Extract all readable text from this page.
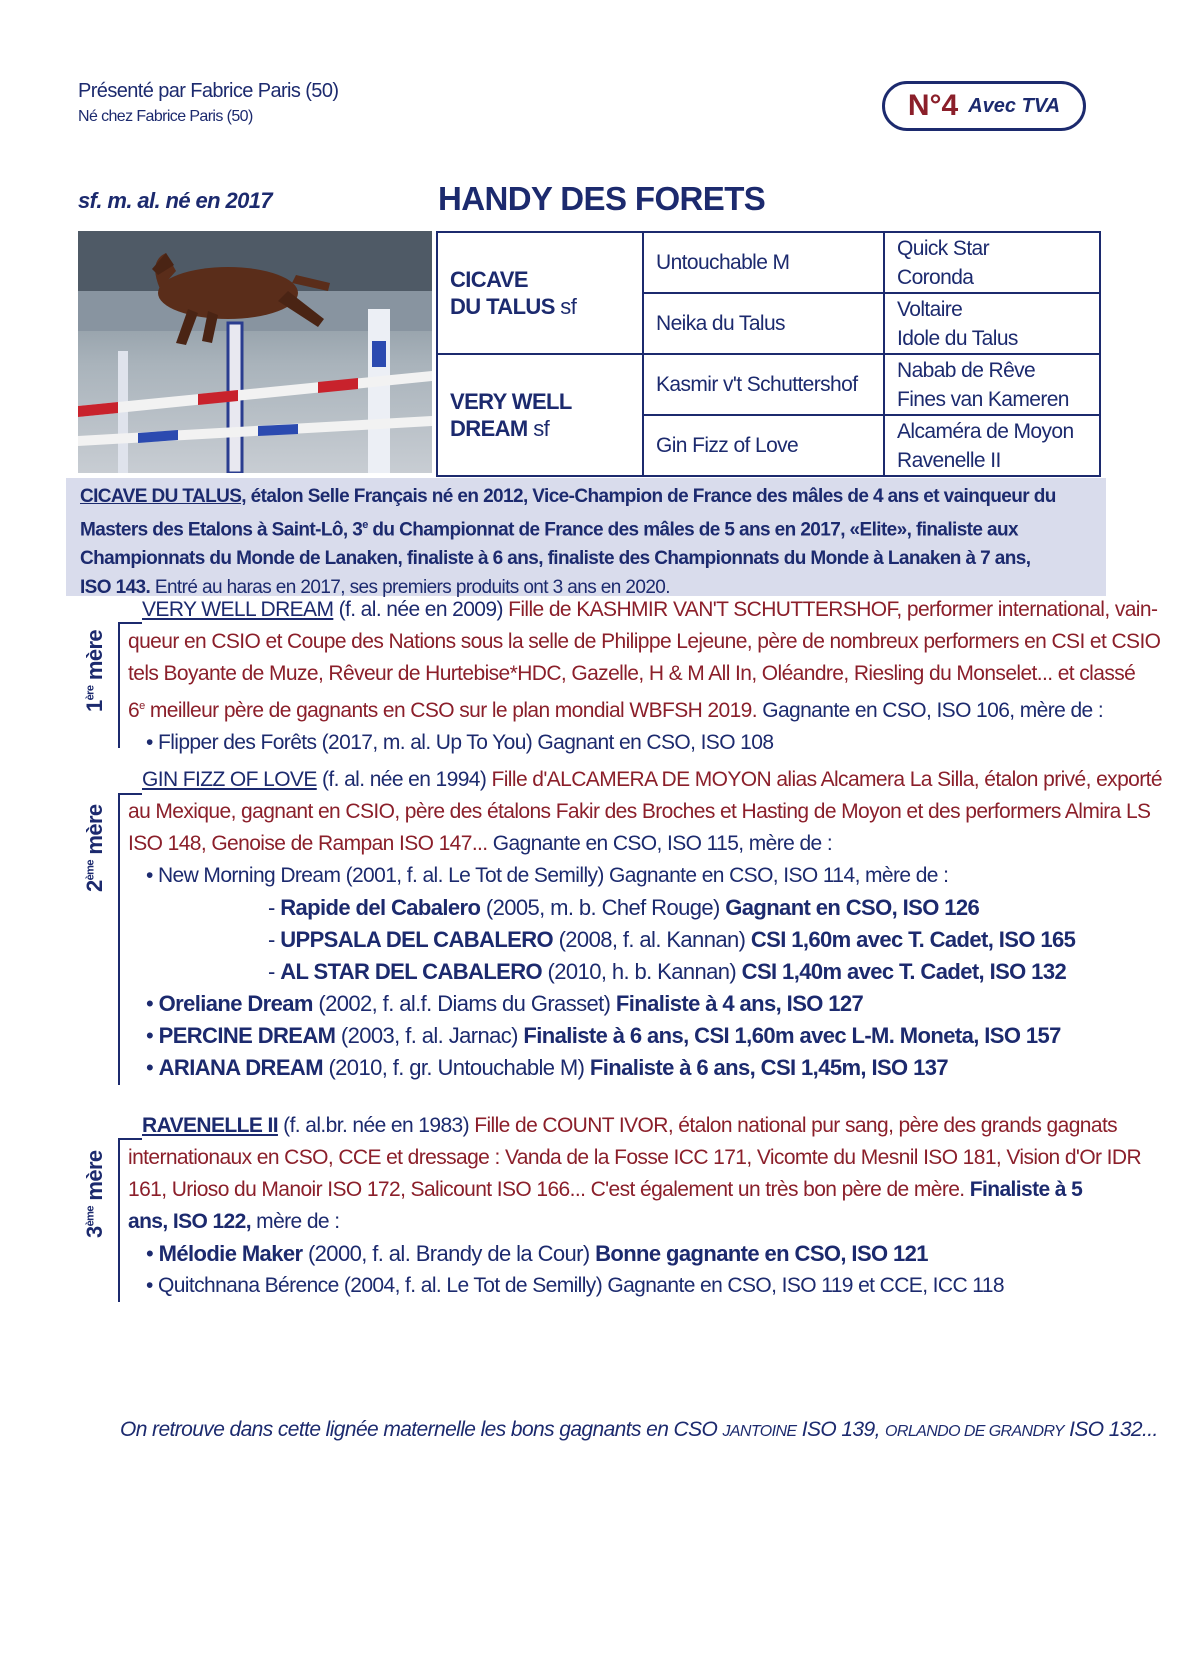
Présenté par Fabrice Paris (50)
Né chez Fabrice Paris (50)	N°4 Avec TVA
sf. m. al. né en 2017	HANDY DES FORETS
CICAVE
DU TALUS sf	Untouchable M	Quick Star
Coronda
	Neika du Talus	Voltaire
Idole du Talus
VERY WELL
DREAM sf	Kasmir v't Schuttershof	Nabab de Rêve
Fines van Kameren
	Gin Fizz of Love	Alcaméra de Moyon
Ravenelle II
CICAVE DU TALUS, étalon Selle Français né en 2012, Vice-Champion de France des mâles de 4 ans et vainqueur du
Masters des Etalons à Saint-Lô, 3e du Championnat de France des mâles de 5 ans en 2017, «Elite», finaliste aux
Championnats du Monde de Lanaken, finaliste à 6 ans, finaliste des Championnats du Monde à Lanaken à 7 ans,
ISO 143. Entré au haras en 2017, ses premiers produits ont 3 ans en 2020.
1ère mère
VERY WELL DREAM (f. al. née en 2009) Fille de KASHMIR VAN'T SCHUTTERSHOF, performer international, vain-
queur en CSIO et Coupe des Nations sous la selle de Philippe Lejeune, père de nombreux performers en CSI et CSIO
tels Boyante de Muze, Rêveur de Hurtebise*HDC, Gazelle, H & M All In, Oléandre, Riesling du Monselet... et classé
6e meilleur père de gagnants en CSO sur le plan mondial WBFSH 2019. Gagnante en CSO, ISO 106, mère de :
• Flipper des Forêts (2017, m. al. Up To You) Gagnant en CSO, ISO 108
2ème mère
GIN FIZZ OF LOVE (f. al. née en 1994) Fille d'ALCAMERA DE MOYON alias Alcamera La Silla, étalon privé, exporté
au Mexique, gagnant en CSIO, père des étalons Fakir des Broches et Hasting de Moyon et des performers Almira LS
ISO 148, Genoise de Rampan ISO 147... Gagnante en CSO, ISO 115, mère de :
• New Morning Dream (2001, f. al. Le Tot de Semilly) Gagnante en CSO, ISO 114, mère de :
- Rapide del Cabalero (2005, m. b. Chef Rouge) Gagnant en CSO, ISO 126
- UPPSALA DEL CABALERO (2008, f. al. Kannan) CSI 1,60m avec T. Cadet, ISO 165
- AL STAR DEL CABALERO (2010, h. b. Kannan) CSI 1,40m avec T. Cadet, ISO 132
• Oreliane Dream (2002, f. al.f. Diams du Grasset) Finaliste à 4 ans, ISO 127
• PERCINE DREAM (2003, f. al. Jarnac) Finaliste à 6 ans, CSI 1,60m avec L-M. Moneta, ISO 157
• ARIANA DREAM (2010, f. gr. Untouchable M) Finaliste à 6 ans, CSI 1,45m, ISO 137
3ème mère
RAVENELLE II (f. al.br. née en 1983) Fille de COUNT IVOR, étalon national pur sang, père des grands gagnats
internationaux en CSO, CCE et dressage : Vanda de la Fosse ICC 171, Vicomte du Mesnil ISO 181, Vision d'Or IDR
161, Urioso du Manoir ISO 172, Salicount ISO 166... C'est également un très bon père de mère. Finaliste à 5
ans, ISO 122, mère de :
• Mélodie Maker (2000, f. al. Brandy de la Cour) Bonne gagnante en CSO, ISO 121
• Quitchnana Bérence (2004, f. al. Le Tot de Semilly) Gagnante en CSO, ISO 119 et CCE, ICC 118
On retrouve dans cette lignée maternelle les bons gagnants en CSO JANTOINE ISO 139, ORLANDO DE GRANDRY ISO 132...
